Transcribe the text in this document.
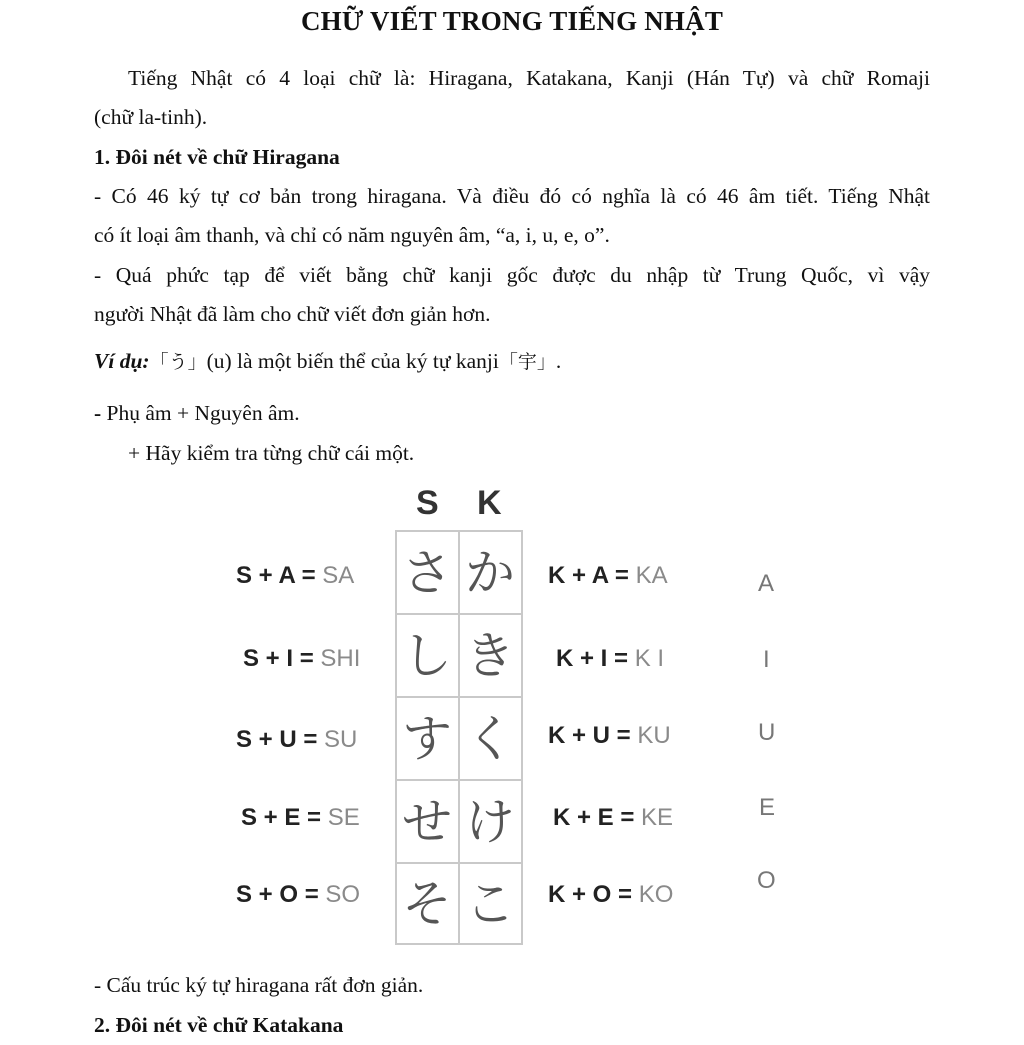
CHỮ VIẾT TRONG TIẾNG NHẬT
Tiếng Nhật có 4 loại chữ là: Hiragana, Katakana, Kanji (Hán Tự) và chữ Romaji
(chữ la-tinh).
1. Đôi nét về chữ Hiragana
- Có 46 ký tự cơ bản trong hiragana. Và điều đó có nghĩa là có 46 âm tiết. Tiếng Nhật
có ít loại âm thanh, và chỉ có năm nguyên âm, “a, i, u, e, o”.
- Quá phức tạp để viết bằng chữ kanji gốc được du nhập từ Trung Quốc, vì vậy
người Nhật đã làm cho chữ viết đơn giản hơn.
Ví dụ:「う」(u) là một biến thể của ký tự kanji「宇」.
- Phụ âm + Nguyên âm.
+ Hãy kiểm tra từng chữ cái một.
S K
さ か
し き
す く
せ け
そ こ
S + A = SA
S + I = SHI
S + U = SU
S + E = SE
S + O = SO
K + A = KA
K + I = K I
K + U = KU
K + E = KE
K + O = KO
A
I
U
E
O
- Cấu trúc ký tự hiragana rất đơn giản.
2. Đôi nét về chữ Katakana
